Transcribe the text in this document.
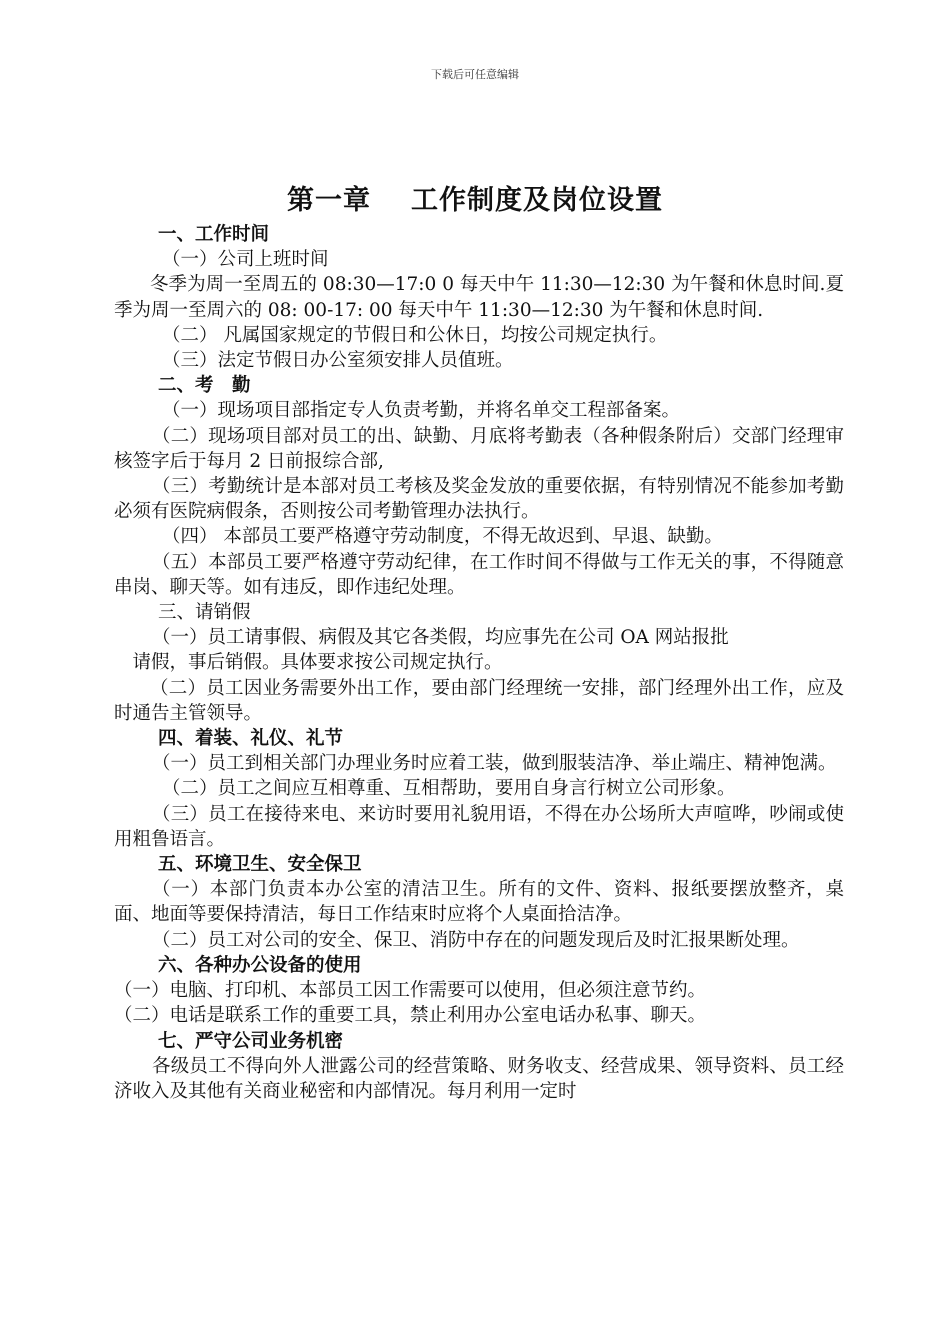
下载后可任意编辑
第一章 工作制度及岗位设置

一、工作时间

（一）公司上班时间

冬季为周一至周五的 08:30—17:0 0 每天中午 11:30—12:30 为午餐和休息时间.夏季为周一至周六的 08: 00-17: 00 每天中午 11:30—12:30 为午餐和休息时间.

（二） 凡属国家规定的节假日和公休日，均按公司规定执行。

（三）法定节假日办公室须安排人员值班。

二、考　勤

（一）现场项目部指定专人负责考勤，并将名单交工程部备案。

（二）现场项目部对员工的出、缺勤、月底将考勤表（各种假条附后）交部门经理审核签字后于每月 2 日前报综合部,

（三）考勤统计是本部对员工考核及奖金发放的重要依据，有特别情况不能参加考勤必须有医院病假条，否则按公司考勤管理办法执行。

（四） 本部员工要严格遵守劳动制度，不得无故迟到、早退、缺勤。

（五）本部员工要严格遵守劳动纪律，在工作时间不得做与工作无关的事，不得随意串岗、聊天等。如有违反，即作违纪处理。

三、请销假

（一）员工请事假、病假及其它各类假，均应事先在公司 OA 网站报批

　请假，事后销假。具体要求按公司规定执行。

（二）员工因业务需要外出工作，要由部门经理统一安排，部门经理外出工作，应及时通告主管领导。

四、着装、礼仪、礼节

（一）员工到相关部门办理业务时应着工装，做到服装洁净、举止端庄、精神饱满。

（二）员工之间应互相尊重、互相帮助，要用自身言行树立公司形象。

（三）员工在接待来电、来访时要用礼貌用语，不得在办公场所大声喧哗，吵闹或使用粗鲁语言。

五、环境卫生、安全保卫

（一）本部门负责本办公室的清洁卫生。所有的文件、资料、报纸要摆放整齐，桌面、地面等要保持清洁，每日工作结束时应将个人桌面拾洁净。

（二）员工对公司的安全、保卫、消防中存在的问题发现后及时汇报果断处理。

六、各种办公设备的使用

（一）电脑、打印机、本部员工因工作需要可以使用，但必须注意节约。

（二）电话是联系工作的重要工具，禁止利用办公室电话办私事、聊天。

七、严守公司业务机密

各级员工不得向外人泄露公司的经营策略、财务收支、经营成果、领导资料、员工经济收入及其他有关商业秘密和内部情况。每月利用一定时
